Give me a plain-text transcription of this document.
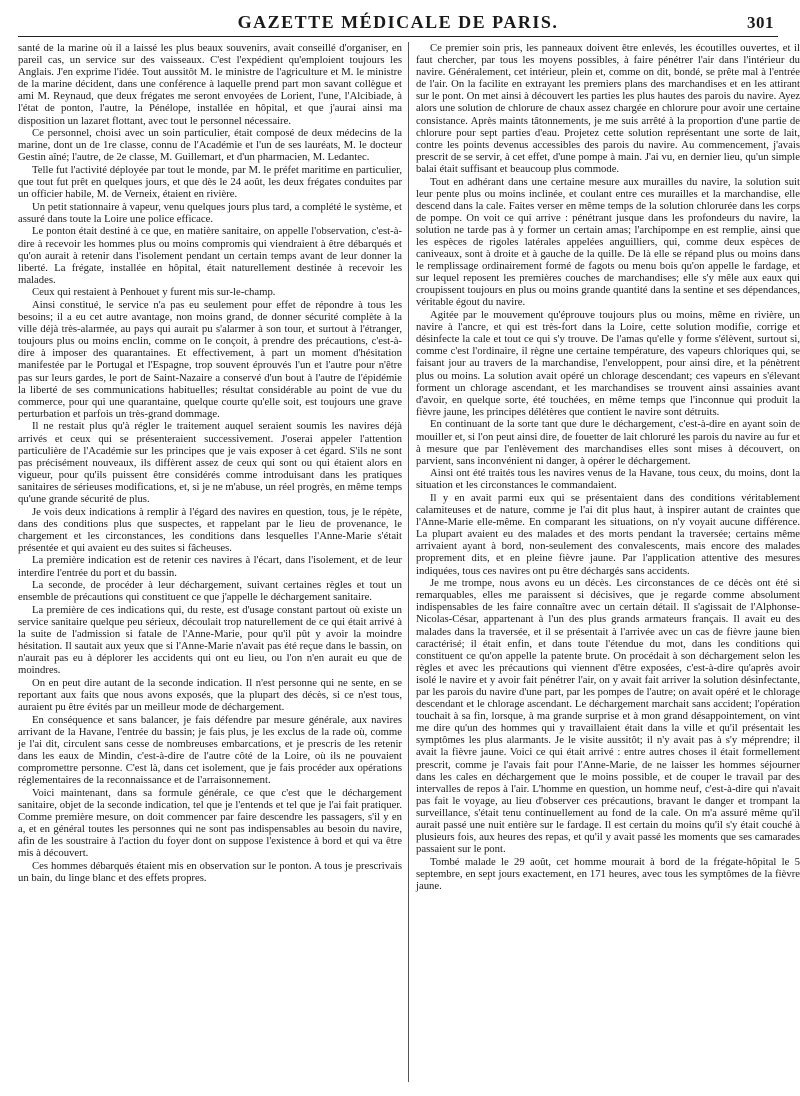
GAZETTE MÉDICALE DE PARIS.	301

santé de la marine où il a laissé les plus beaux souvenirs, avait conseillé d'organiser, en pareil cas, un service sur des vaisseaux. C'est l'expédient qu'emploient toujours les Anglais. J'en exprime l'idée. Tout aussitôt M. le ministre de l'agriculture et M. le ministre de la marine décident, dans une conférence à laquelle prend part mon savant collègue et ami M. Reynaud, que deux frégates me seront envoyées de Lorient, l'une, l'Alcibiade, à l'état de ponton, l'autre, la Pénélope, installée en hôpital, et que j'aurai ainsi ma disposition un lazaret flottant, avec tout le personnel nécessaire.

Ce personnel, choisi avec un soin particulier, était composé de deux médecins de la marine, dont un de 1re classe, connu de l'Académie et l'un de ses lauréats, M. le docteur Gestin aîné; l'autre, de 2e classe, M. Guillemart, et d'un pharmacien, M. Ledantec.

Telle fut l'activité déployée par tout le monde, par M. le préfet maritime en particulier, que tout fut prêt en quelques jours, et que dès le 24 août, les deux frégates conduites par un officier habile, M. de Verneix, étaient en rivière.

Un petit stationnaire à vapeur, venu quelques jours plus tard, a complété le système, et assuré dans toute la Loire une police efficace.

Le ponton était destiné à ce que, en matière sanitaire, on appelle l'observation, c'est-à-dire à recevoir les hommes plus ou moins compromis qui viendraient à être débarqués et qu'on aurait à retenir dans l'isolement pendant un certain temps avant de leur donner la liberté. La frégate, installée en hôpital, était naturellement destinée à recevoir les malades.

Ceux qui restaient à Penhouet y furent mis sur-le-champ.

Ainsi constitué, le service n'a pas eu seulement pour effet de répondre à tous les besoins; il a eu cet autre avantage, non moins grand, de donner sécurité complète à la ville déjà très-alarmée, au pays qui aurait pu s'alarmer à son tour, et surtout à l'étranger, toujours plus ou moins enclin, comme on le conçoit, à prendre des précautions, c'est-à-dire à imposer des quarantaines. Et effectivement, à part un moment d'hésitation manifestée par le Portugal et l'Espagne, trop souvent éprouvés l'un et l'autre pour n'être pas sur leurs gardes, le port de Saint-Nazaire a conservé d'un bout à l'autre de l'épidémie la liberté de ses communications habituelles; résultat considérable au point de vue du commerce, pour qui une quarantaine, quelque courte qu'elle soit, est toujours une grave perturbation et parfois un très-grand dommage.

Il ne restait plus qu'à régler le traitement auquel seraient soumis les navires déjà arrivés et ceux qui se présenteraient successivement. J'oserai appeler l'attention particulière de l'Académie sur les principes que je vais exposer à cet égard. S'ils ne sont pas précisément nouveaux, ils diffèrent assez de ceux qui sont ou qui étaient alors en vigueur, pour qu'ils puissent être considérés comme introduisant dans les pratiques sanitaires de sérieuses modifications, et, si je ne m'abuse, un réel progrès, en même temps qu'une grande sécurité de plus.

Je vois deux indications à remplir à l'égard des navires en question, tous, je le répète, dans des conditions plus que suspectes, et rappelant par le lieu de provenance, le chargement et les circonstances, les conditions dans lesquelles l'Anne-Marie s'était présentée et qui avaient eu des suites si fâcheuses.

La première indication est de retenir ces navires à l'écart, dans l'isolement, et de leur interdire l'entrée du port et du bassin.

La seconde, de procéder à leur déchargement, suivant certaines règles et tout un ensemble de précautions qui constituent ce que j'appelle le déchargement sanitaire.

La première de ces indications qui, du reste, est d'usage constant partout où existe un service sanitaire quelque peu sérieux, découlait trop naturellement de ce qui était arrivé à la suite de l'admission si fatale de l'Anne-Marie, pour qu'il pût y avoir la moindre hésitation. Il sautait aux yeux que si l'Anne-Marie n'avait pas été reçue dans le bassin, on n'aurait pas eu à déplorer les accidents qui ont eu lieu, ou l'on n'en aurait eu que de moindres.

On en peut dire autant de la seconde indication. Il n'est personne qui ne sente, en se reportant aux faits que nous avons exposés, que la plupart des décès, si ce n'est tous, auraient pu être évités par un meilleur mode de déchargement.

En conséquence et sans balancer, je fais défendre par mesure générale, aux navires arrivant de la Havane, l'entrée du bassin; je fais plus, je les exclus de la rade où, comme je l'ai dit, circulent sans cesse de nombreuses embarcations, et je prescris de les retenir dans les eaux de Mindin, c'est-à-dire de l'autre côté de la Loire, où ils ne pouvaient compromettre personne. C'est là, dans cet isolement, que je fais procéder aux opérations réglementaires de la reconnaissance et de l'arraisonnement.

Voici maintenant, dans sa formule générale, ce que c'est que le déchargement sanitaire, objet de la seconde indication, tel que je l'entends et tel que je l'ai fait pratiquer. Comme première mesure, on doit commencer par faire descendre les passagers, s'il y en a, et en général toutes les personnes qui ne sont pas indispensables au besoin du navire, afin de les soustraire à l'action du foyer dont on suppose l'existence à bord et qui va être mis à découvert.

Ces hommes débarqués étaient mis en observation sur le ponton. A tous je prescrivais un bain, du linge blanc et des effets propres.

Ce premier soin pris, les panneaux doivent être enlevés, les écoutilles ouvertes, et il faut chercher, par tous les moyens possibles, à faire pénétrer l'air dans l'intérieur du navire. Généralement, cet intérieur, plein et, comme on dit, bondé, se prête mal à l'entrée de l'air. On la facilite en extrayant les premiers plans des marchandises et en les attirant sur le pont. On met ainsi à découvert les parties les plus hautes des parois du navire. Ayez alors une solution de chlorure de chaux assez chargée en chlorure pour avoir une certaine consistance. Après maints tâtonnements, je me suis arrêté à la proportion d'une partie de chlorure pour sept parties d'eau. Projetez cette solution représentant une sorte de lait, contre les points devenus accessibles des parois du navire. Au commencement, j'avais prescrit de se servir, à cet effet, d'une pompe à main. J'ai vu, en dernier lieu, qu'un simple balai était suffisant et beaucoup plus commode.

Tout en adhérant dans une certaine mesure aux murailles du navire, la solution suit leur pente plus ou moins inclinée, et coulant entre ces murailles et la marchandise, elle descend dans la cale. Faites verser en même temps de la solution chlorurée dans les corps de pompe. On voit ce qui arrive : pénétrant jusque dans les profondeurs du navire, la solution ne tarde pas à y former un certain amas; l'archipompe en est remplie, ainsi que les espèces de rigoles latérales appelées anguilliers, qui, comme deux espèces de caniveaux, sont à droite et à gauche de la quille. De là elle se répand plus ou moins dans le remplissage ordinairement formé de fagots ou menu bois qu'on appelle le fardage, et sur lequel reposent les premières couches de marchandises; elle s'y mêle aux eaux qui croupissent toujours en plus ou moins grande quantité dans la sentine et ses dépendances, véritable égout du navire.

Agitée par le mouvement qu'éprouve toujours plus ou moins, même en rivière, un navire à l'ancre, et qui est très-fort dans la Loire, cette solution modifie, corrige et désinfecte la cale et tout ce qui s'y trouve. De l'amas qu'elle y forme s'élèvent, surtout si, comme c'est l'ordinaire, il règne une certaine température, des vapeurs chloriques qui, se faisant jour au travers de la marchandise, l'enveloppent, pour ainsi dire, et la pénètrent plus ou moins. La solution avait opéré un chlorage descendant; ces vapeurs en s'élevant forment un chlorage ascendant, et les marchandises se trouvent ainsi assainies avant d'avoir, en quelque sorte, été touchées, en même temps que l'inconnue qui produit la fièvre jaune, les principes délétères que contient le navire sont détruits.

En continuant de la sorte tant que dure le déchargement, c'est-à-dire en ayant soin de mouiller et, si l'on peut ainsi dire, de fouetter de lait chloruré les parois du navire au fur et à mesure que par l'enlèvement des marchandises elles sont mises à découvert, on parvient, sans inconvénient ni danger, à opérer le déchargement.

Ainsi ont été traités tous les navires venus de la Havane, tous ceux, du moins, dont la situation et les circonstances le commandaient.

Il y en avait parmi eux qui se présentaient dans des conditions véritablement calamiteuses et de nature, comme je l'ai dit plus haut, à inspirer autant de craintes que l'Anne-Marie elle-même. En comparant les situations, on n'y voyait aucune différence. La plupart avaient eu des malades et des morts pendant la traversée; certains même arrivaient ayant à bord, non-seulement des convalescents, mais encore des malades proprement dits, et en pleine fièvre jaune. Par l'application attentive des mesures indiquées, tous ces navires ont pu être déchargés sans accidents.

Je me trompe, nous avons eu un décès. Les circonstances de ce décès ont été si remarquables, elles me paraissent si décisives, que je regarde comme absolument indispensables de les faire connaître avec un certain détail. Il s'agissait de l'Alphonse-Nicolas-César, appartenant à l'un des plus grands armateurs français. Il avait eu des malades dans la traversée, et il se présentait à l'arrivée avec un cas de fièvre jaune bien caractérisé; il était enfin, et dans toute l'étendue du mot, dans les conditions qui constituent ce qu'on appelle la patente brute. On procédait à son déchargement selon les règles et avec les précautions qui viennent d'être exposées, c'est-à-dire qu'après avoir isolé le navire et y avoir fait pénétrer l'air, on y avait fait arriver la solution désinfectante, par les parois du navire d'une part, par les pompes de l'autre; on avait opéré et le chlorage descendant et le chlorage ascendant. Le déchargement marchait sans accident; l'opération touchait à sa fin, lorsque, à ma grande surprise et à mon grand désappointement, on vint me dire qu'un des hommes qui y travaillaient était dans la ville et qu'il présentait les symptômes les plus alarmants. Je le visite aussitôt; il n'y avait pas à s'y méprendre; il avait la fièvre jaune. Voici ce qui était arrivé : entre autres choses il était formellement prescrit, comme je l'avais fait pour l'Anne-Marie, de ne laisser les hommes séjourner dans les cales en déchargement que le moins possible, et de couper le travail par des intervalles de repos à l'air. L'homme en question, un homme neuf, c'est-à-dire qui n'avait pas fait le voyage, au lieu d'observer ces précautions, bravant le danger et trompant la surveillance, s'était tenu continuellement au fond de la cale. On m'a assuré même qu'il aurait passé une nuit entière sur le fardage. Il est certain du moins qu'il s'y était couché à plusieurs fois, aux heures des repas, et qu'il y avait passé les moments que ses camarades passaient sur le pont.

Tombé malade le 29 août, cet homme mourait à bord de la frégate-hôpital le 5 septembre, en sept jours exactement, en 171 heures, avec tous les symptômes de la fièvre jaune.
